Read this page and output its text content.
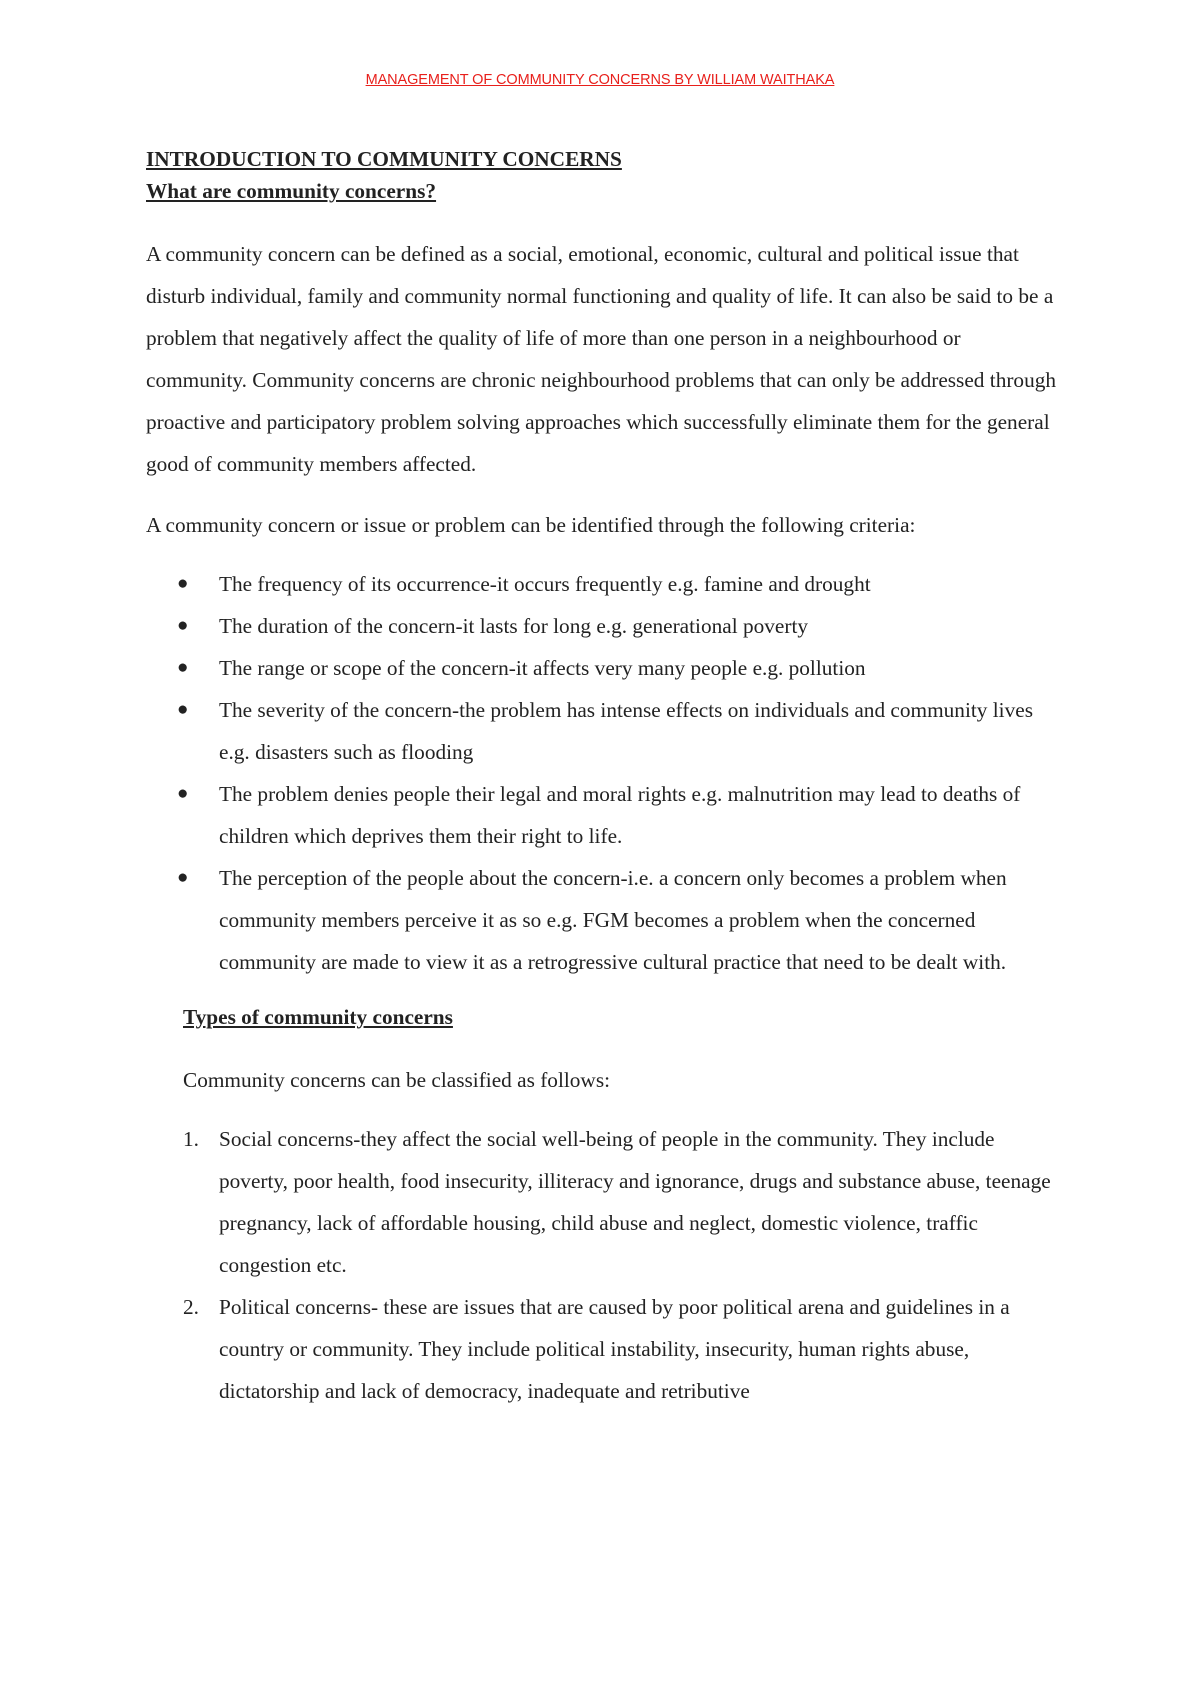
MANAGEMENT OF COMMUNITY CONCERNS BY WILLIAM WAITHAKA

INTRODUCTION TO COMMUNITY CONCERNS

What are community concerns?

A community concern can be defined as a social, emotional, economic, cultural and political issue that disturb individual, family and community normal functioning and quality of life. It can also be said to be a problem that negatively affect the quality of life of more than one person in a neighbourhood or community. Community concerns are chronic neighbourhood problems that can only be addressed through proactive and participatory problem solving approaches which successfully eliminate them for the general good of community members affected.

A community concern or issue or problem can be identified through the following criteria:

● The frequency of its occurrence-it occurs frequently e.g. famine and drought
● The duration of the concern-it lasts for long e.g. generational poverty
● The range or scope of the concern-it affects very many people e.g. pollution
● The severity of the concern-the problem has intense effects on individuals and community lives e.g. disasters such as flooding
● The problem denies people their legal and moral rights e.g. malnutrition may lead to deaths of children which deprives them their right to life.
● The perception of the people about the concern-i.e. a concern only becomes a problem when community members perceive it as so e.g. FGM becomes a problem when the concerned community are made to view it as a retrogressive cultural practice that need to be dealt with.

Types of community concerns

Community concerns can be classified as follows:

1. Social concerns-they affect the social well-being of people in the community. They include poverty, poor health, food insecurity, illiteracy and ignorance, drugs and substance abuse, teenage pregnancy, lack of affordable housing, child abuse and neglect, domestic violence, traffic congestion etc.
2. Political concerns- these are issues that are caused by poor political arena and guidelines in a country or community. They include political instability, insecurity, human rights abuse, dictatorship and lack of democracy, inadequate and retributive
